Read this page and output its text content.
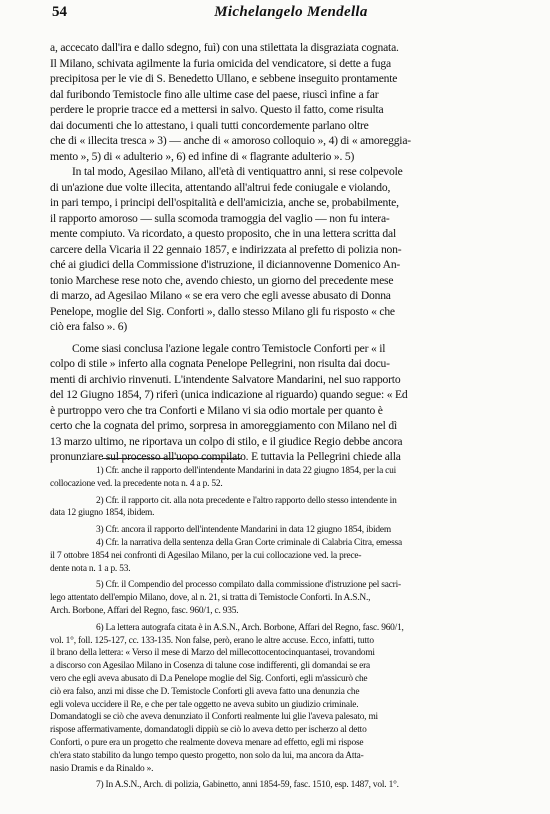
54	Michelangelo Mendella
a, accecato dall'ira e dallo sdegno, fuì) con una stilettata la disgraziata cognata.
Il Milano, schivata agilmente la furia omicida del vendicatore, si dette a fuga
precipitosa per le vie di S. Benedetto Ullano, e sebbene inseguito prontamente
dal furibondo Temistocle fino alle ultime case del paese, riuscì infine a far
perdere le proprie tracce ed a mettersi in salvo. Questo il fatto, come risulta
dai documenti che lo attestano, i quali tutti concordemente parlano oltre
che di « illecita tresca » 3) — anche di « amoroso colloquio », 4) di « amoreggia-
mento », 5) di « adulterio », 6) ed infine di « flagrante adulterio ». 5)
In tal modo, Agesilao Milano, all'età di ventiquattro anni, si rese colpevole
di un'azione due volte illecita, attentando all'altrui fede coniugale e violando,
in pari tempo, i principi dell'ospitalità e dell'amicizia, anche se, probabilmente,
il rapporto amoroso — sulla scomoda tramoggia del vaglio — non fu intera-
mente compiuto. Va ricordato, a questo proposito, che in una lettera scritta dal
carcere della Vicaria il 22 gennaio 1857, e indirizzata al prefetto di polizia non-
ché ai giudici della Commissione d'istruzione, il diciannovenne Domenico An-
tonio Marchese rese noto che, avendo chiesto, un giorno del precedente mese
di marzo, ad Agesilao Milano « se era vero che egli avesse abusato di Donna
Penelope, moglie del Sig. Conforti », dallo stesso Milano gli fu risposto « che
ciò era falso ». 6)
Come siasi conclusa l'azione legale contro Temistocle Conforti per « il
colpo di stile » inferto alla cognata Penelope Pellegrini, non risulta dai docu-
menti di archivio rinvenuti. L'intendente Salvatore Mandarini, nel suo rapporto
del 12 Giugno 1854, 7) riferì (unica indicazione al riguardo) quando segue: « Ed
è purtroppo vero che tra Conforti e Milano vi sia odio mortale per quanto è
certo che la cognata del primo, sorpresa in amoreggiamento con Milano nel dì
13 marzo ultimo, ne riportava un colpo di stilo, e il giudice Regio debbe ancora
pronunziare sul processo all'uopo compilato. E tuttavia la Pellegrini chiede alla
1) Cfr. anche il rapporto dell'intendente Mandarini in data 22 giugno 1854, per la cui
collocazione ved. la precedente nota n. 4 a p. 52.
2) Cfr. il rapporto cit. alla nota precedente e l'altro rapporto dello stesso intendente in
data 12 giugno 1854, ibidem.
3) Cfr. ancora il rapporto dell'intendente Mandarini in data 12 giugno 1854, ibidem
4) Cfr. la narrativa della sentenza della Gran Corte criminale di Calabria Citra, emessa
il 7 ottobre 1854 nei confronti di Agesilao Milano, per la cui collocazione ved. la prece-
dente nota n. 1 a p. 53.
5) Cfr. il Compendio del processo compilato dalla commissione d'istruzione pel sacri-
lego attentato dell'empio Milano, dove, al n. 21, si tratta di Temistocle Conforti. In A.S.N.,
Arch. Borbone, Affari del Regno, fasc. 960/1, c. 935.
6) La lettera autografa citata è in A.S.N., Arch. Borbone, Affari del Regno, fasc. 960/1,
vol. 1°, foll. 125-127, cc. 133-135. Non false, però, erano le altre accuse. Ecco, infatti, tutto
il brano della lettera: « Verso il mese di Marzo del millecottocentocinquantasei, trovandomi
a discorso con Agesilao Milano in Cosenza di talune cose indifferenti, gli domandai se era
vero che egli aveva abusato di D.a Penelope moglie del Sig. Conforti, egli m'assicurò che
ciò era falso, anzi mi disse che D. Temistocle Conforti gli aveva fatto una denunzia che
egli voleva uccidere il Re, e che per tale oggetto ne aveva subito un giudizio criminale.
Domandatogli se ciò che aveva denunziato il Conforti realmente lui glie l'aveva palesato, mi
rispose affermativamente, domandatogli dippiù se ciò lo aveva detto per ischerzo al detto
Conforti, o pure era un progetto che realmente doveva menare ad effetto, egli mi rispose
ch'era stato stabilito da lungo tempo questo progetto, non solo da lui, ma ancora da Atta-
nasio Dramis e da Rinaldo ».
7) In A.S.N., Arch. di polizia, Gabinetto, anni 1854-59, fasc. 1510, esp. 1487, vol. 1°.
